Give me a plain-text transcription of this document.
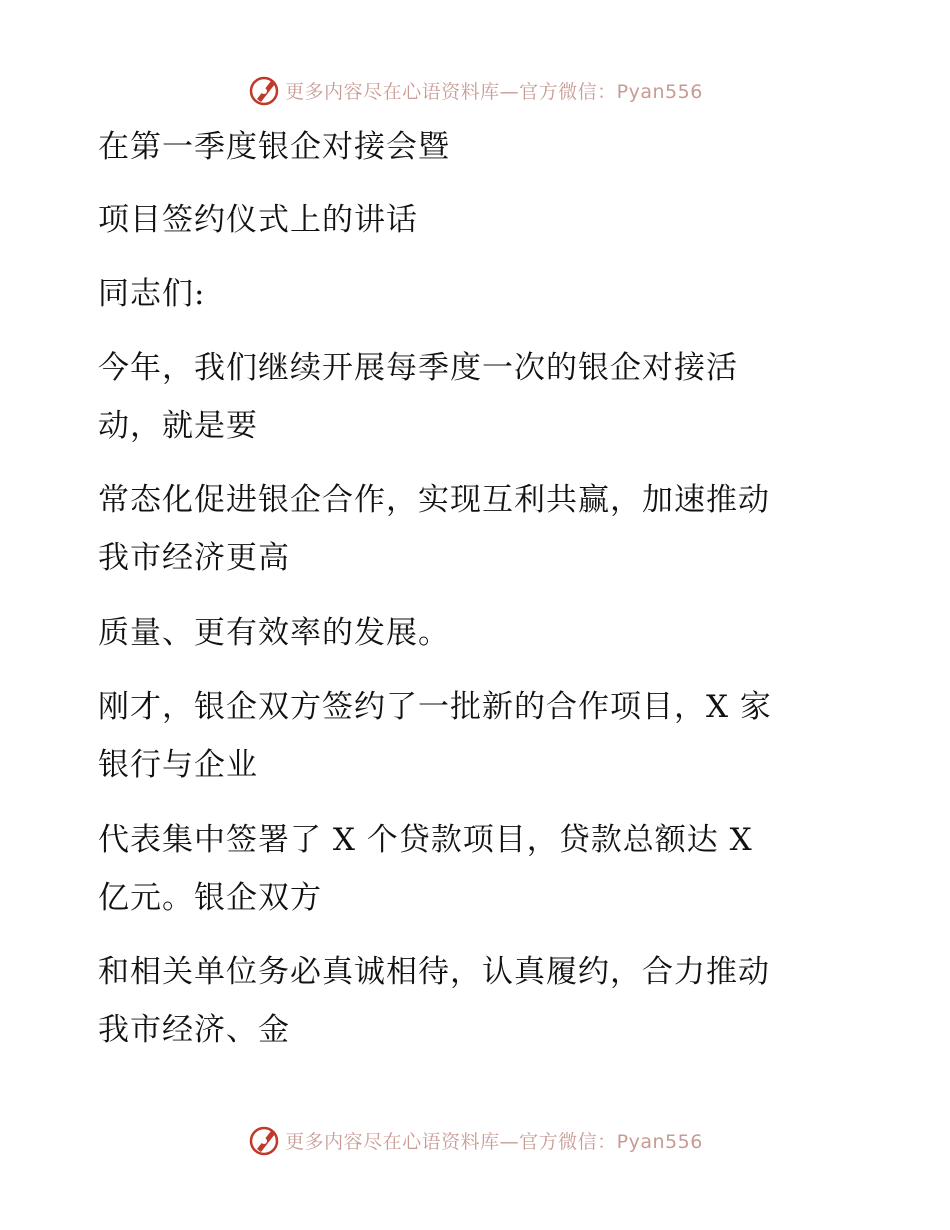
更多内容尽在心语资料库—官方微信：Pyan556
在第一季度银企对接会暨
项目签约仪式上的讲话
同志们:
今年，我们继续开展每季度一次的银企对接活
动，就是要
常态化促进银企合作，实现互利共赢，加速推动
我市经济更高
质量、更有效率的发展。
刚才，银企双方签约了一批新的合作项目，X 家
银行与企业
代表集中签署了 X 个贷款项目，贷款总额达 X
亿元。银企双方
和相关单位务必真诚相待，认真履约，合力推动
我市经济、金
更多内容尽在心语资料库—官方微信：Pyan556
